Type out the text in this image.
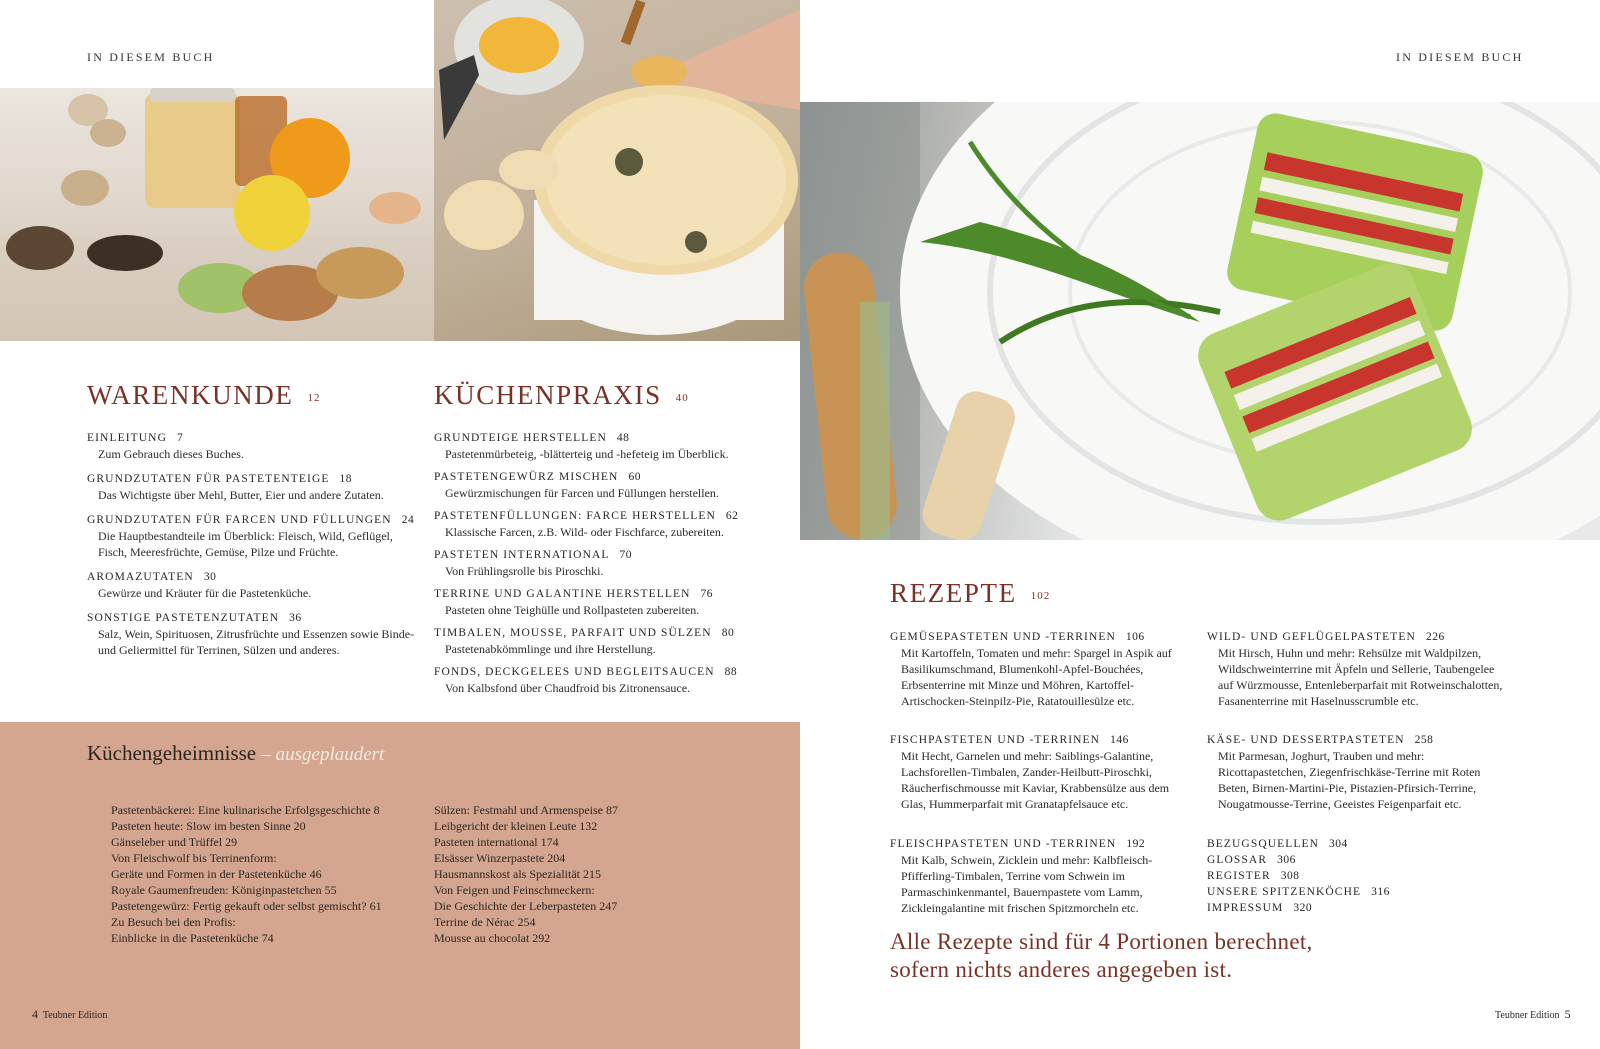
IN DIESEM BUCH
WARENKUNDE 12
EINLEITUNG 7
Zum Gebrauch dieses Buches.
GRUNDZUTATEN FÜR PASTETENTEIGE 18
Das Wichtigste über Mehl, Butter, Eier und andere Zutaten.
GRUNDZUTATEN FÜR FARCEN UND FÜLLUNGEN 24
Die Hauptbestandteile im Überblick: Fleisch, Wild, Geflügel, Fisch, Meeresfrüchte, Gemüse, Pilze und Früchte.
AROMAZUTATEN 30
Gewürze und Kräuter für die Pastetenküche.
SONSTIGE PASTETENZUTATEN 36
Salz, Wein, Spirituosen, Zitrusfrüchte und Essenzen sowie Binde- und Geliermittel für Terrinen, Sülzen und anderes.
KÜCHENPRAXIS 40
GRUNDTEIGE HERSTELLEN 48
Pastetenmürbeteig, -blätterteig und -hefeteig im Überblick.
PASTETENGEWÜRZ MISCHEN 60
Gewürzmischungen für Farcen und Füllungen herstellen.
PASTETENFÜLLUNGEN: FARCE HERSTELLEN 62
Klassische Farcen, z.B. Wild- oder Fischfarce, zubereiten.
PASTETEN INTERNATIONAL 70
Von Frühlingsrolle bis Piroschki.
TERRINE UND GALANTINE HERSTELLEN 76
Pasteten ohne Teighülle und Rollpasteten zubereiten.
TIMBALEN, MOUSSE, PARFAIT UND SÜLZEN 80
Pastetenabkömmlinge und ihre Herstellung.
FONDS, DECKGELEES UND BEGLEITSAUCEN 88
Von Kalbsfond über Chaudfroid bis Zitronensauce.
Küchengeheimnisse – ausgeplaudert
Pastetenbäckerei: Eine kulinarische Erfolgsgeschichte 8
Pasteten heute: Slow im besten Sinne 20
Gänseleber und Trüffel 29
Von Fleischwolf bis Terrinenform:
Geräte und Formen in der Pastetenküche 46
Royale Gaumenfreuden: Königinpastetchen 55
Pastetengewürz: Fertig gekauft oder selbst gemischt? 61
Zu Besuch bei den Profis:
Einblicke in die Pastetenküche 74
Sülzen: Festmahl und Armenspeise 87
Leibgericht der kleinen Leute 132
Pasteten international 174
Elsässer Winzerpastete 204
Hausmannskost als Spezialität 215
Von Feigen und Feinschmeckern:
Die Geschichte der Leberpasteten 247
Terrine de Nérac 254
Mousse au chocolat 292
4 Teubner Edition
IN DIESEM BUCH
REZEPTE 102
GEMÜSEPASTETEN UND -TERRINEN 106
Mit Kartoffeln, Tomaten und mehr: Spargel in Aspik auf Basilikumschmand, Blumenkohl-Apfel-Bouchées, Erbsenterrine mit Minze und Möhren, Kartoffel-Artischocken-Steinpilz-Pie, Ratatouillesülze etc.
FISCHPASTETEN UND -TERRINEN 146
Mit Hecht, Garnelen und mehr: Saiblings-Galantine, Lachsforellen-Timbalen, Zander-Heilbutt-Piroschki, Räucherfischmousse mit Kaviar, Krabbensülze aus dem Glas, Hummerparfait mit Granatapfelsauce etc.
FLEISCHPASTETEN UND -TERRINEN 192
Mit Kalb, Schwein, Zicklein und mehr: Kalbfleisch-Pfifferling-Timbalen, Terrine vom Schwein im Parmaschinkenmantel, Bauernpastete vom Lamm, Zickleingalantine mit frischen Spitzmorcheln etc.
WILD- UND GEFLÜGELPASTETEN 226
Mit Hirsch, Huhn und mehr: Rehsülze mit Waldpilzen, Wildschweinterrine mit Äpfeln und Sellerie, Taubengelee auf Würzmousse, Entenleberparfait mit Rotweinschalotten, Fasanenterrine mit Haselnusscrumble etc.
KÄSE- UND DESSERTPASTETEN 258
Mit Parmesan, Joghurt, Trauben und mehr: Ricottapastetchen, Ziegenfrischkäse-Terrine mit Roten Beten, Birnen-Martini-Pie, Pistazien-Pfirsich-Terrine, Nougatmousse-Terrine, Geeistes Feigenparfait etc.
BEZUGSQUELLEN 304
GLOSSAR 306
REGISTER 308
UNSERE SPITZENKÖCHE 316
IMPRESSUM 320
Alle Rezepte sind für 4 Portionen berechnet, sofern nichts anderes angegeben ist.
Teubner Edition 5
